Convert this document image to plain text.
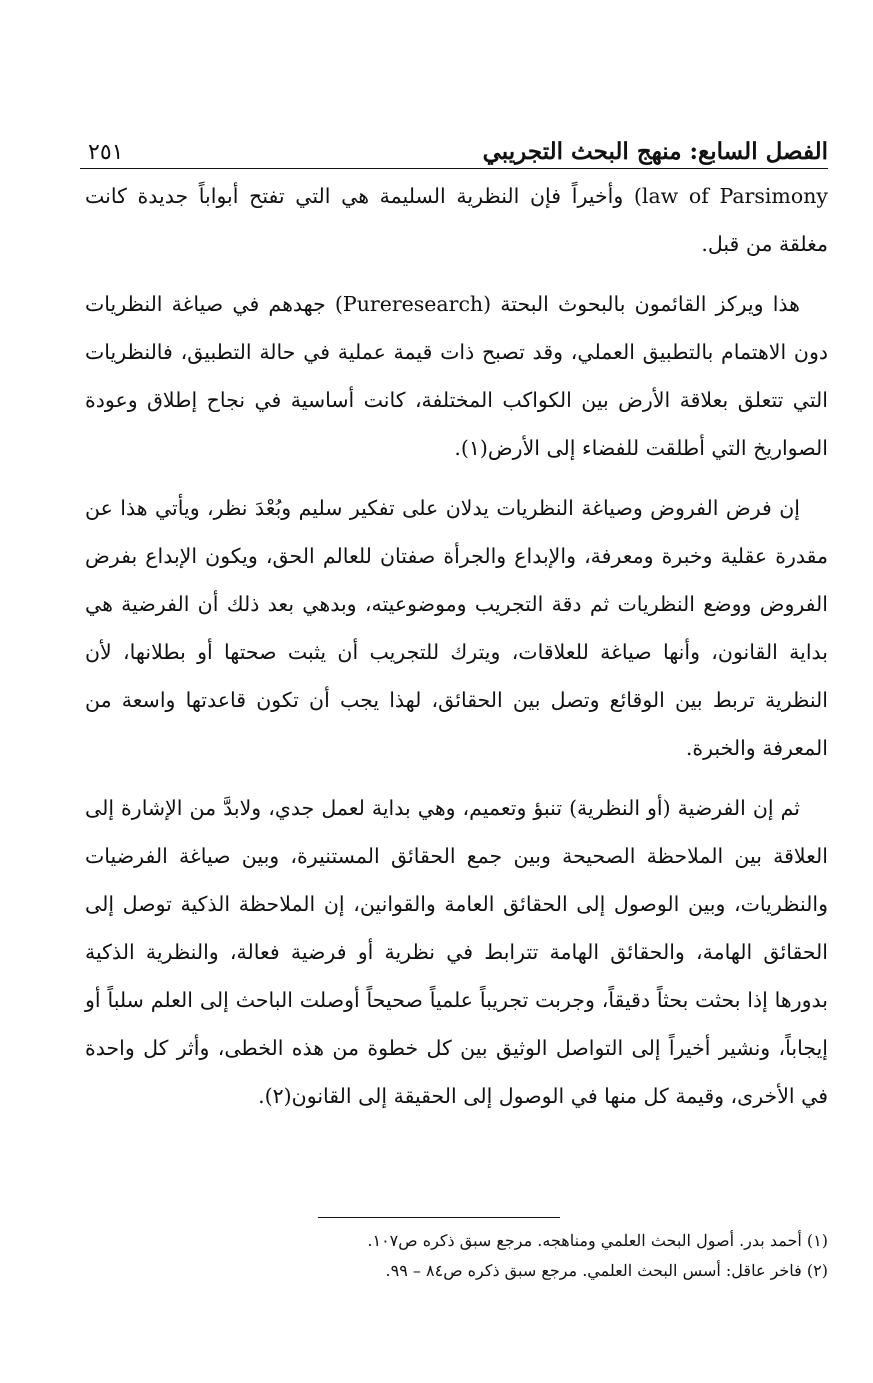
٢٥١	الفصل السابع: منهج البحث التجريبي

law of Parsimony) وأخيراً فإن النظرية السليمة هي التي تفتح أبواباً جديدة كانت مغلقة من قبل.

هذا ويركز القائمون بالبحوث البحتة (Pureresearch) جهدهم في صياغة النظريات دون الاهتمام بالتطبيق العملي، وقد تصبح ذات قيمة عملية في حالة التطبيق، فالنظريات التي تتعلق بعلاقة الأرض بين الكواكب المختلفة، كانت أساسية في نجاح إطلاق وعودة الصواريخ التي أطلقت للفضاء إلى الأرض(١).

إن فرض الفروض وصياغة النظريات يدلان على تفكير سليم وبُعْدَ نظر، ويأتي هذا عن مقدرة عقلية وخبرة ومعرفة، والإبداع والجرأة صفتان للعالم الحق، ويكون الإبداع بفرض الفروض ووضع النظريات ثم دقة التجريب وموضوعيته، وبدهي بعد ذلك أن الفرضية هي بداية القانون، وأنها صياغة للعلاقات، ويترك للتجريب أن يثبت صحتها أو بطلانها، لأن النظرية تربط بين الوقائع وتصل بين الحقائق، لهذا يجب أن تكون قاعدتها واسعة من المعرفة والخبرة.

ثم إن الفرضية (أو النظرية) تنبؤ وتعميم، وهي بداية لعمل جدي، ولابدَّ من الإشارة إلى العلاقة بين الملاحظة الصحيحة وبين جمع الحقائق المستنيرة، وبين صياغة الفرضيات والنظريات، وبين الوصول إلى الحقائق العامة والقوانين، إن الملاحظة الذكية توصل إلى الحقائق الهامة، والحقائق الهامة تترابط في نظرية أو فرضية فعالة، والنظرية الذكية بدورها إذا بحثت بحثاً دقيقاً، وجربت تجريباً علمياً صحيحاً أوصلت الباحث إلى العلم سلباً أو إيجاباً، ونشير أخيراً إلى التواصل الوثيق بين كل خطوة من هذه الخطى، وأثر كل واحدة في الأخرى، وقيمة كل منها في الوصول إلى الحقيقة إلى القانون(٢).

(١) أحمد بدر. أصول البحث العلمي ومناهجه. مرجع سبق ذكره ص١٠٧.
(٢) فاخر عاقل: أسس البحث العلمي. مرجع سبق ذكره ص٨٤ – ٩٩.
